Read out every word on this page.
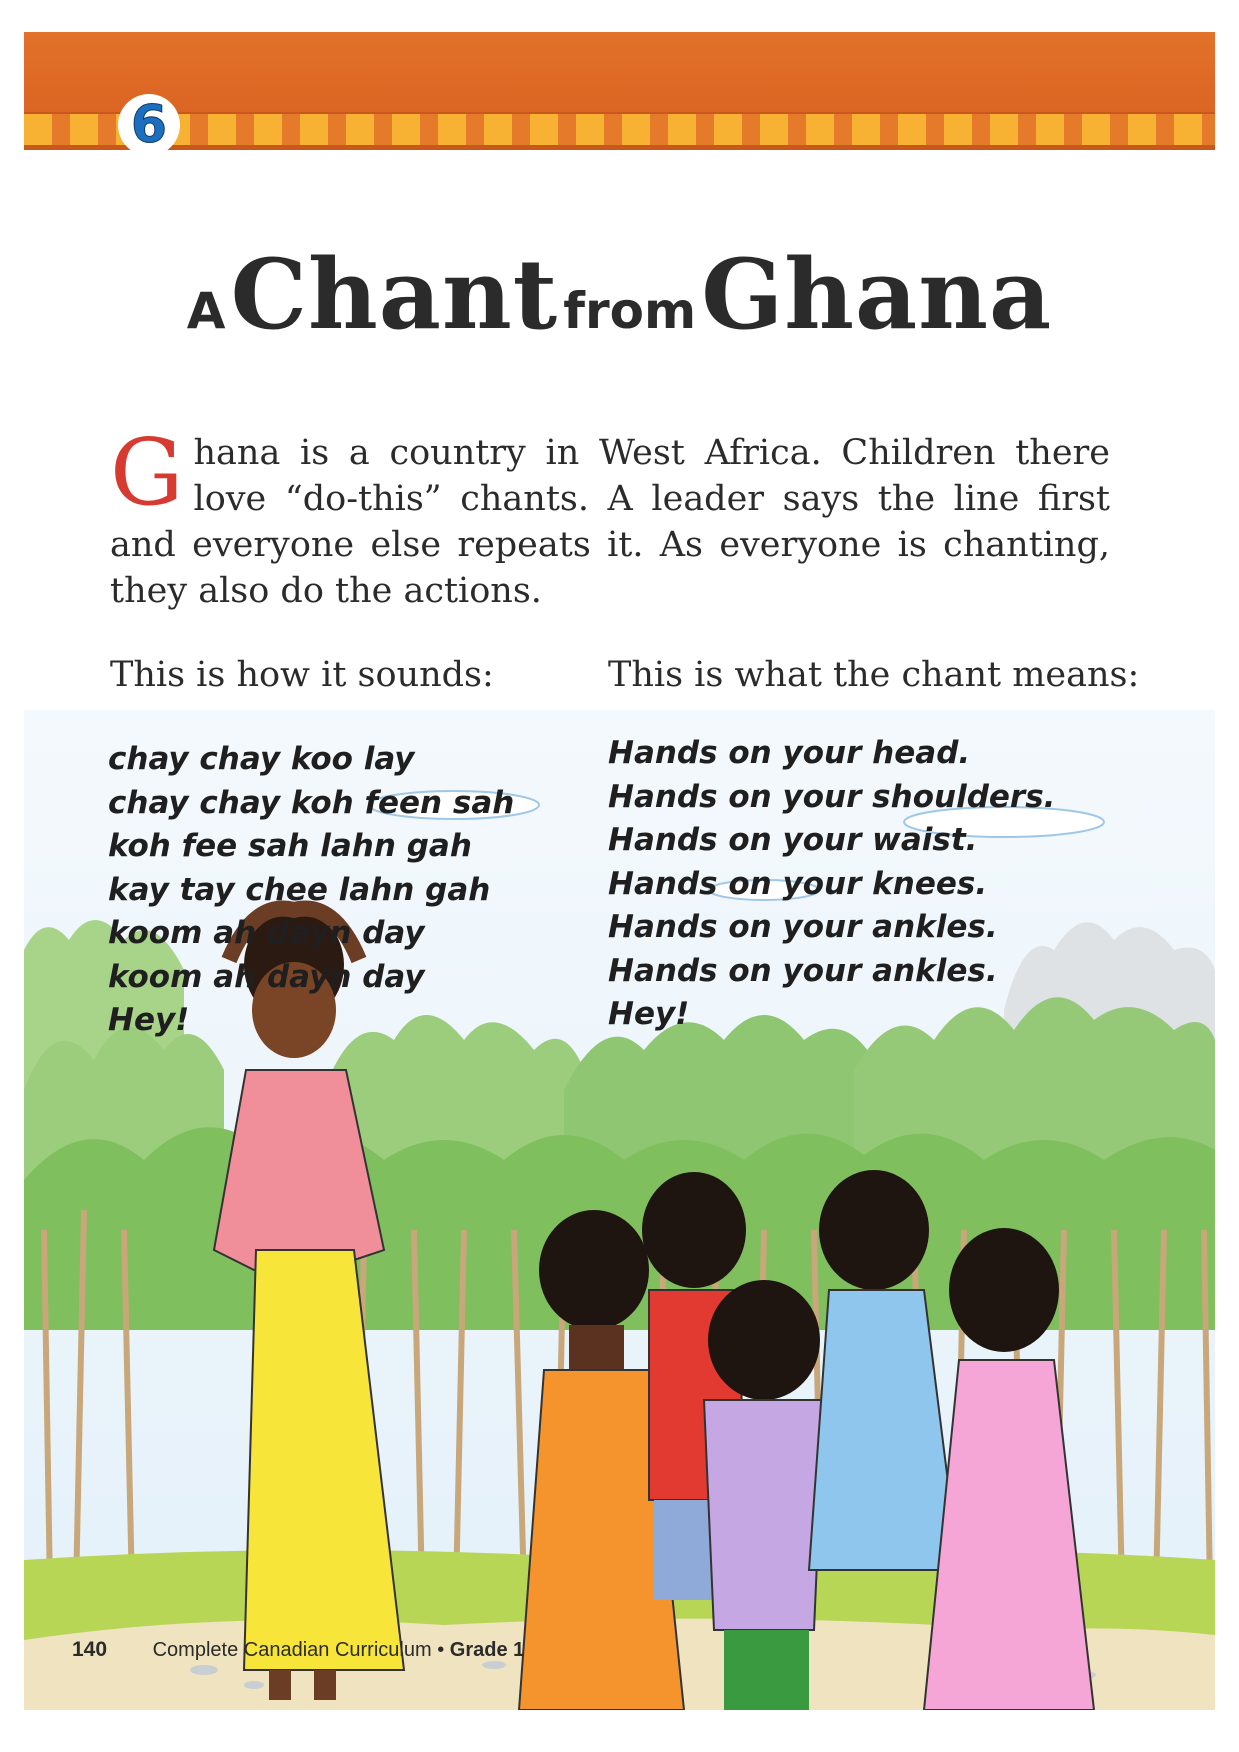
6
A Chant from Ghana
Ghana is a country in West Africa. Children there love “do-this” chants. A leader says the line first and everyone else repeats it. As everyone is chanting, they also do the actions.
This is how it sounds:	This is what the chant means:
chay chay koo lay
chay chay koh feen sah
koh fee sah lahn gah
kay tay chee lahn gah
koom ah dayn day
koom ah dayn day
Hey!
Hands on your head.
Hands on your shoulders.
Hands on your waist.
Hands on your knees.
Hands on your ankles.
Hands on your ankles.
Hey!
140 Complete Canadian Curriculum • Grade 1
